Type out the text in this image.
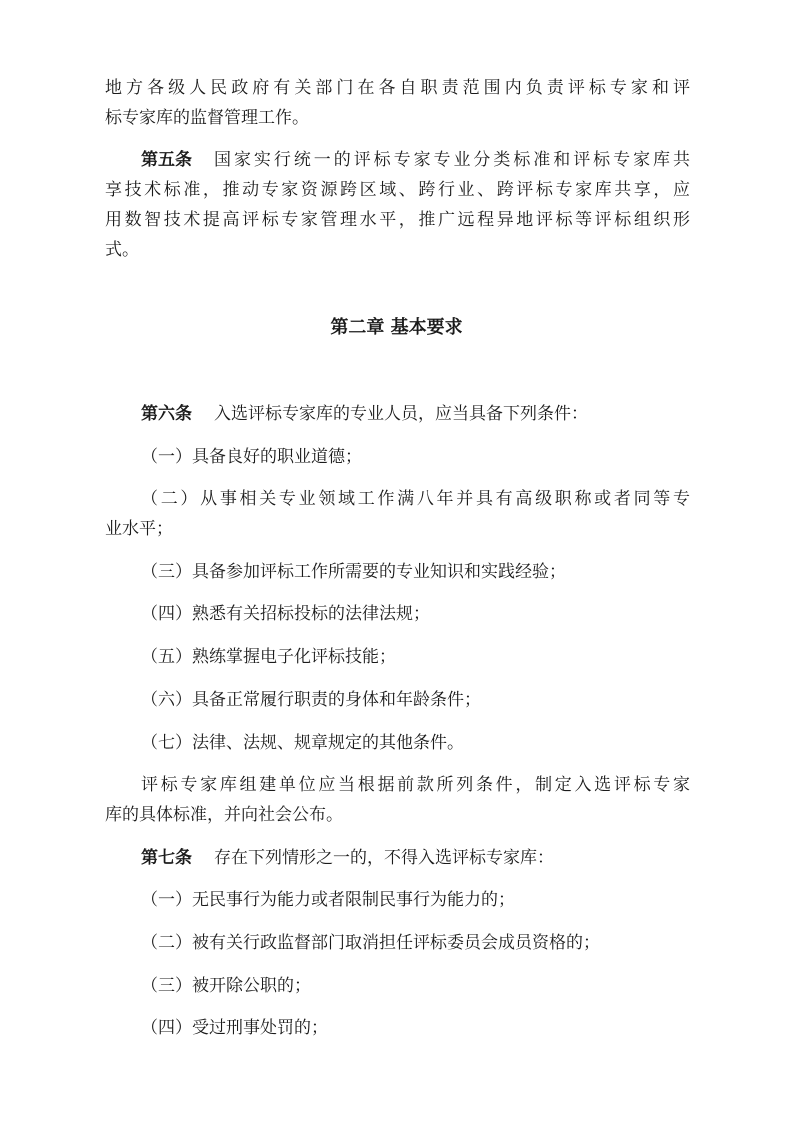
地方各级人民政府有关部门在各自职责范围内负责评标专家和评
标专家库的监督管理工作。
第五条 国家实行统一的评标专家专业分类标准和评标专家库共
享技术标准，推动专家资源跨区域、跨行业、跨评标专家库共享，应
用数智技术提高评标专家管理水平，推广远程异地评标等评标组织形
式。
第二章 基本要求
第六条 入选评标专家库的专业人员，应当具备下列条件：
（一）具备良好的职业道德；
（二）从事相关专业领域工作满八年并具有高级职称或者同等专
业水平；
（三）具备参加评标工作所需要的专业知识和实践经验；
（四）熟悉有关招标投标的法律法规；
（五）熟练掌握电子化评标技能；
（六）具备正常履行职责的身体和年龄条件；
（七）法律、法规、规章规定的其他条件。
评标专家库组建单位应当根据前款所列条件，制定入选评标专家
库的具体标准，并向社会公布。
第七条 存在下列情形之一的，不得入选评标专家库：
（一）无民事行为能力或者限制民事行为能力的；
（二）被有关行政监督部门取消担任评标委员会成员资格的；
（三）被开除公职的；
（四）受过刑事处罚的；
